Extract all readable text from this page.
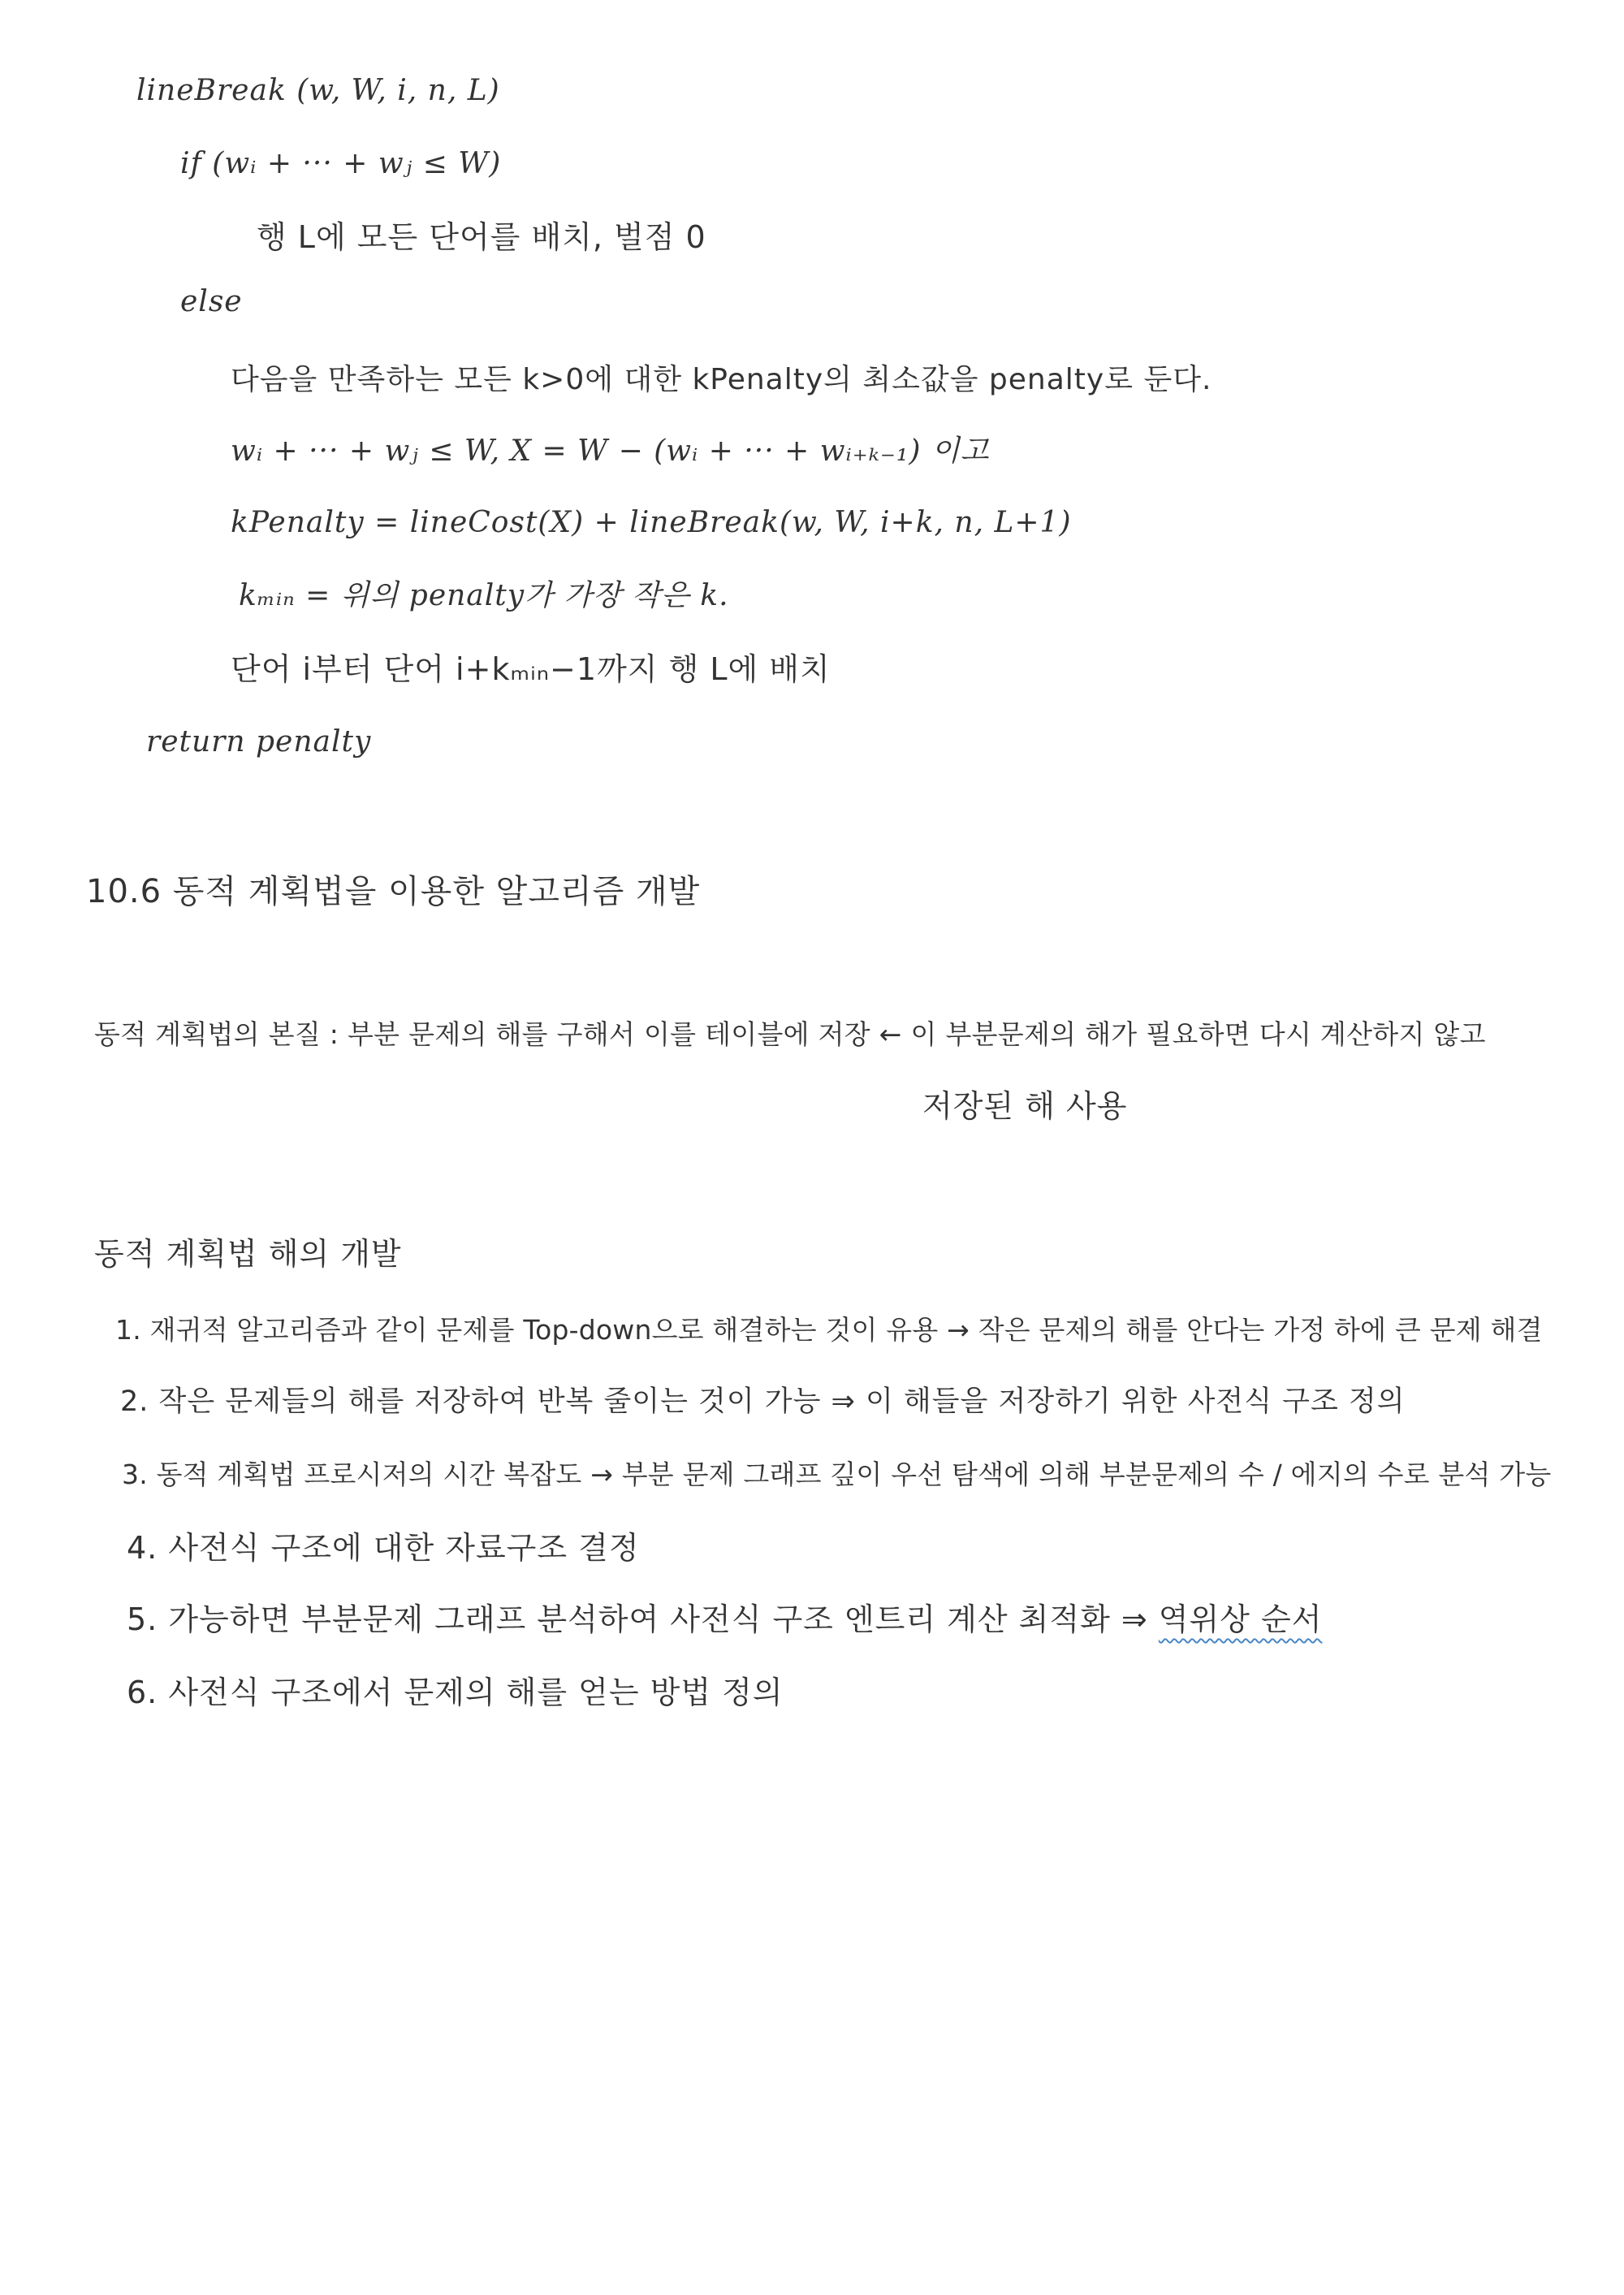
lineBreak (w, W, i, n, L)
if (wᵢ + ··· + wⱼ ≤ W)
행 L에 모든 단어를 배치, 벌점 0
else
다음을 만족하는 모든 k>0에 대한 kPenalty의 최소값을 penalty로 둔다.
wᵢ + ··· + wⱼ ≤ W, X = W − (wᵢ + ··· + wᵢ₊ₖ₋₁) 이고
kPenalty = lineCost(X) + lineBreak(w, W, i+k, n, L+1)
kₘᵢₙ = 위의 penalty가 가장 작은 k.
단어 i부터 단어 i+kₘᵢₙ−1까지 행 L에 배치
return penalty
10.6 동적 계획법을 이용한 알고리즘 개발
동적 계획법의 본질 : 부분 문제의 해를 구해서 이를 테이블에 저장 ← 이 부분문제의 해가 필요하면 다시 계산하지 않고
저장된 해 사용
동적 계획법 해의 개발
1. 재귀적 알고리즘과 같이 문제를 Top-down으로 해결하는 것이 유용 → 작은 문제의 해를 안다는 가정 하에 큰 문제 해결
2. 작은 문제들의 해를 저장하여 반복 줄이는 것이 가능 ⇒ 이 해들을 저장하기 위한 사전식 구조 정의
3. 동적 계획법 프로시저의 시간 복잡도 → 부분 문제 그래프 깊이 우선 탐색에 의해 부분문제의 수 / 에지의 수로 분석 가능
4. 사전식 구조에 대한 자료구조 결정
5. 가능하면 부분문제 그래프 분석하여 사전식 구조 엔트리 계산 최적화 ⇒ 역위상 순서
6. 사전식 구조에서 문제의 해를 얻는 방법 정의
